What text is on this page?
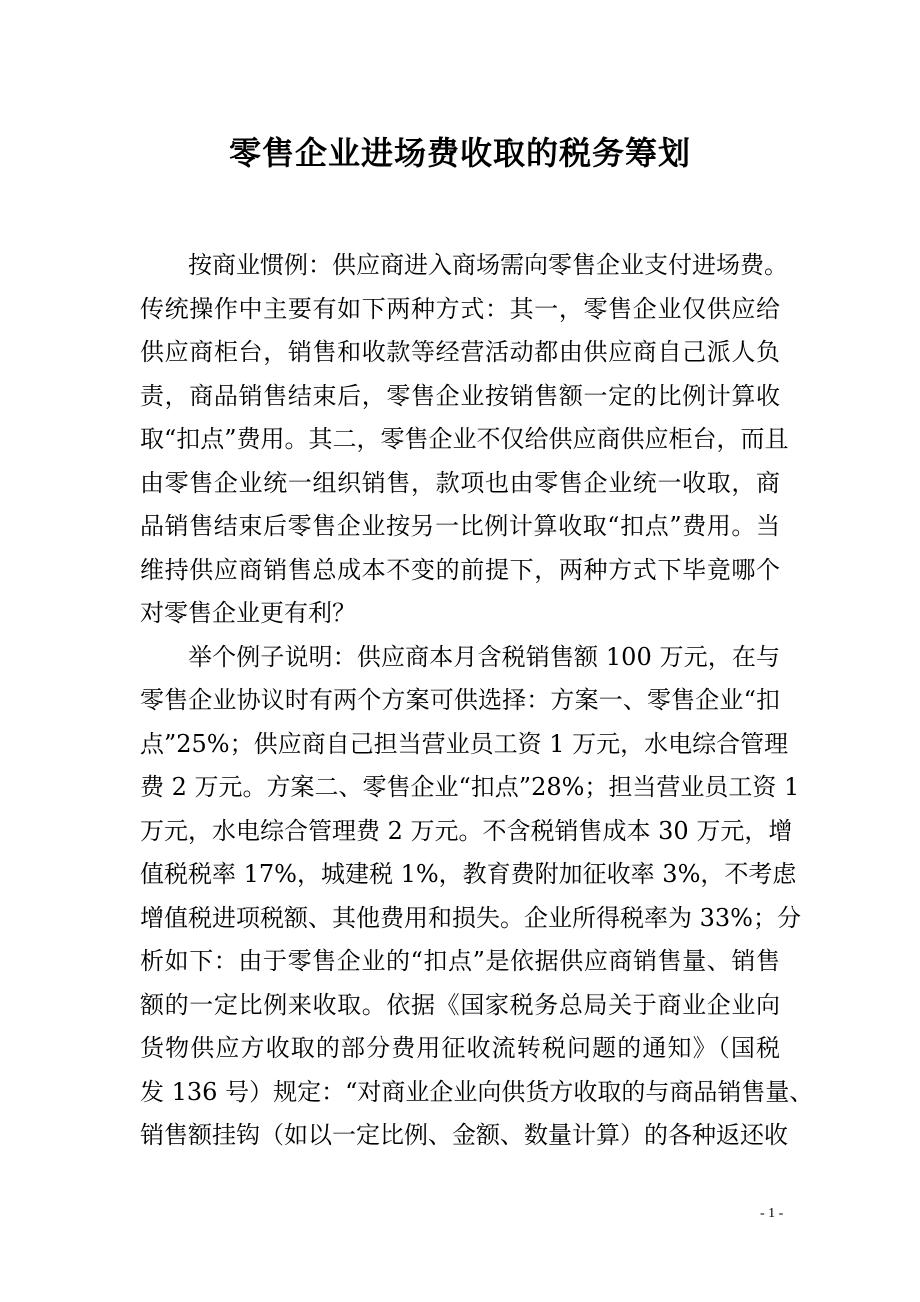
零售企业进场费收取的税务筹划
按商业惯例：供应商进入商场需向零售企业支付进场费。
传统操作中主要有如下两种方式：其一，零售企业仅供应给
供应商柜台，销售和收款等经营活动都由供应商自己派人负
责，商品销售结束后，零售企业按销售额一定的比例计算收
取“扣点”费用。其二，零售企业不仅给供应商供应柜台，而且
由零售企业统一组织销售，款项也由零售企业统一收取，商
品销售结束后零售企业按另一比例计算收取“扣点”费用。当
维持供应商销售总成本不变的前提下，两种方式下毕竟哪个
对零售企业更有利？
举个例子说明：供应商本月含税销售额 100 万元，在与
零售企业协议时有两个方案可供选择：方案一、零售企业“扣
点”25%；供应商自己担当营业员工资 1 万元，水电综合管理
费 2 万元。方案二、零售企业“扣点”28%；担当营业员工资 1
万元，水电综合管理费 2 万元。不含税销售成本 30 万元，增
值税税率 17%，城建税 1%，教育费附加征收率 3%，不考虑
增值税进项税额、其他费用和损失。企业所得税率为 33%；分
析如下：由于零售企业的“扣点”是依据供应商销售量、销售
额的一定比例来收取。依据《国家税务总局关于商业企业向
货物供应方收取的部分费用征收流转税问题的通知》（国税
发 136 号）规定：“对商业企业向供货方收取的与商品销售量、
销售额挂钩（如以一定比例、金额、数量计算）的各种返还收
- 1 -
